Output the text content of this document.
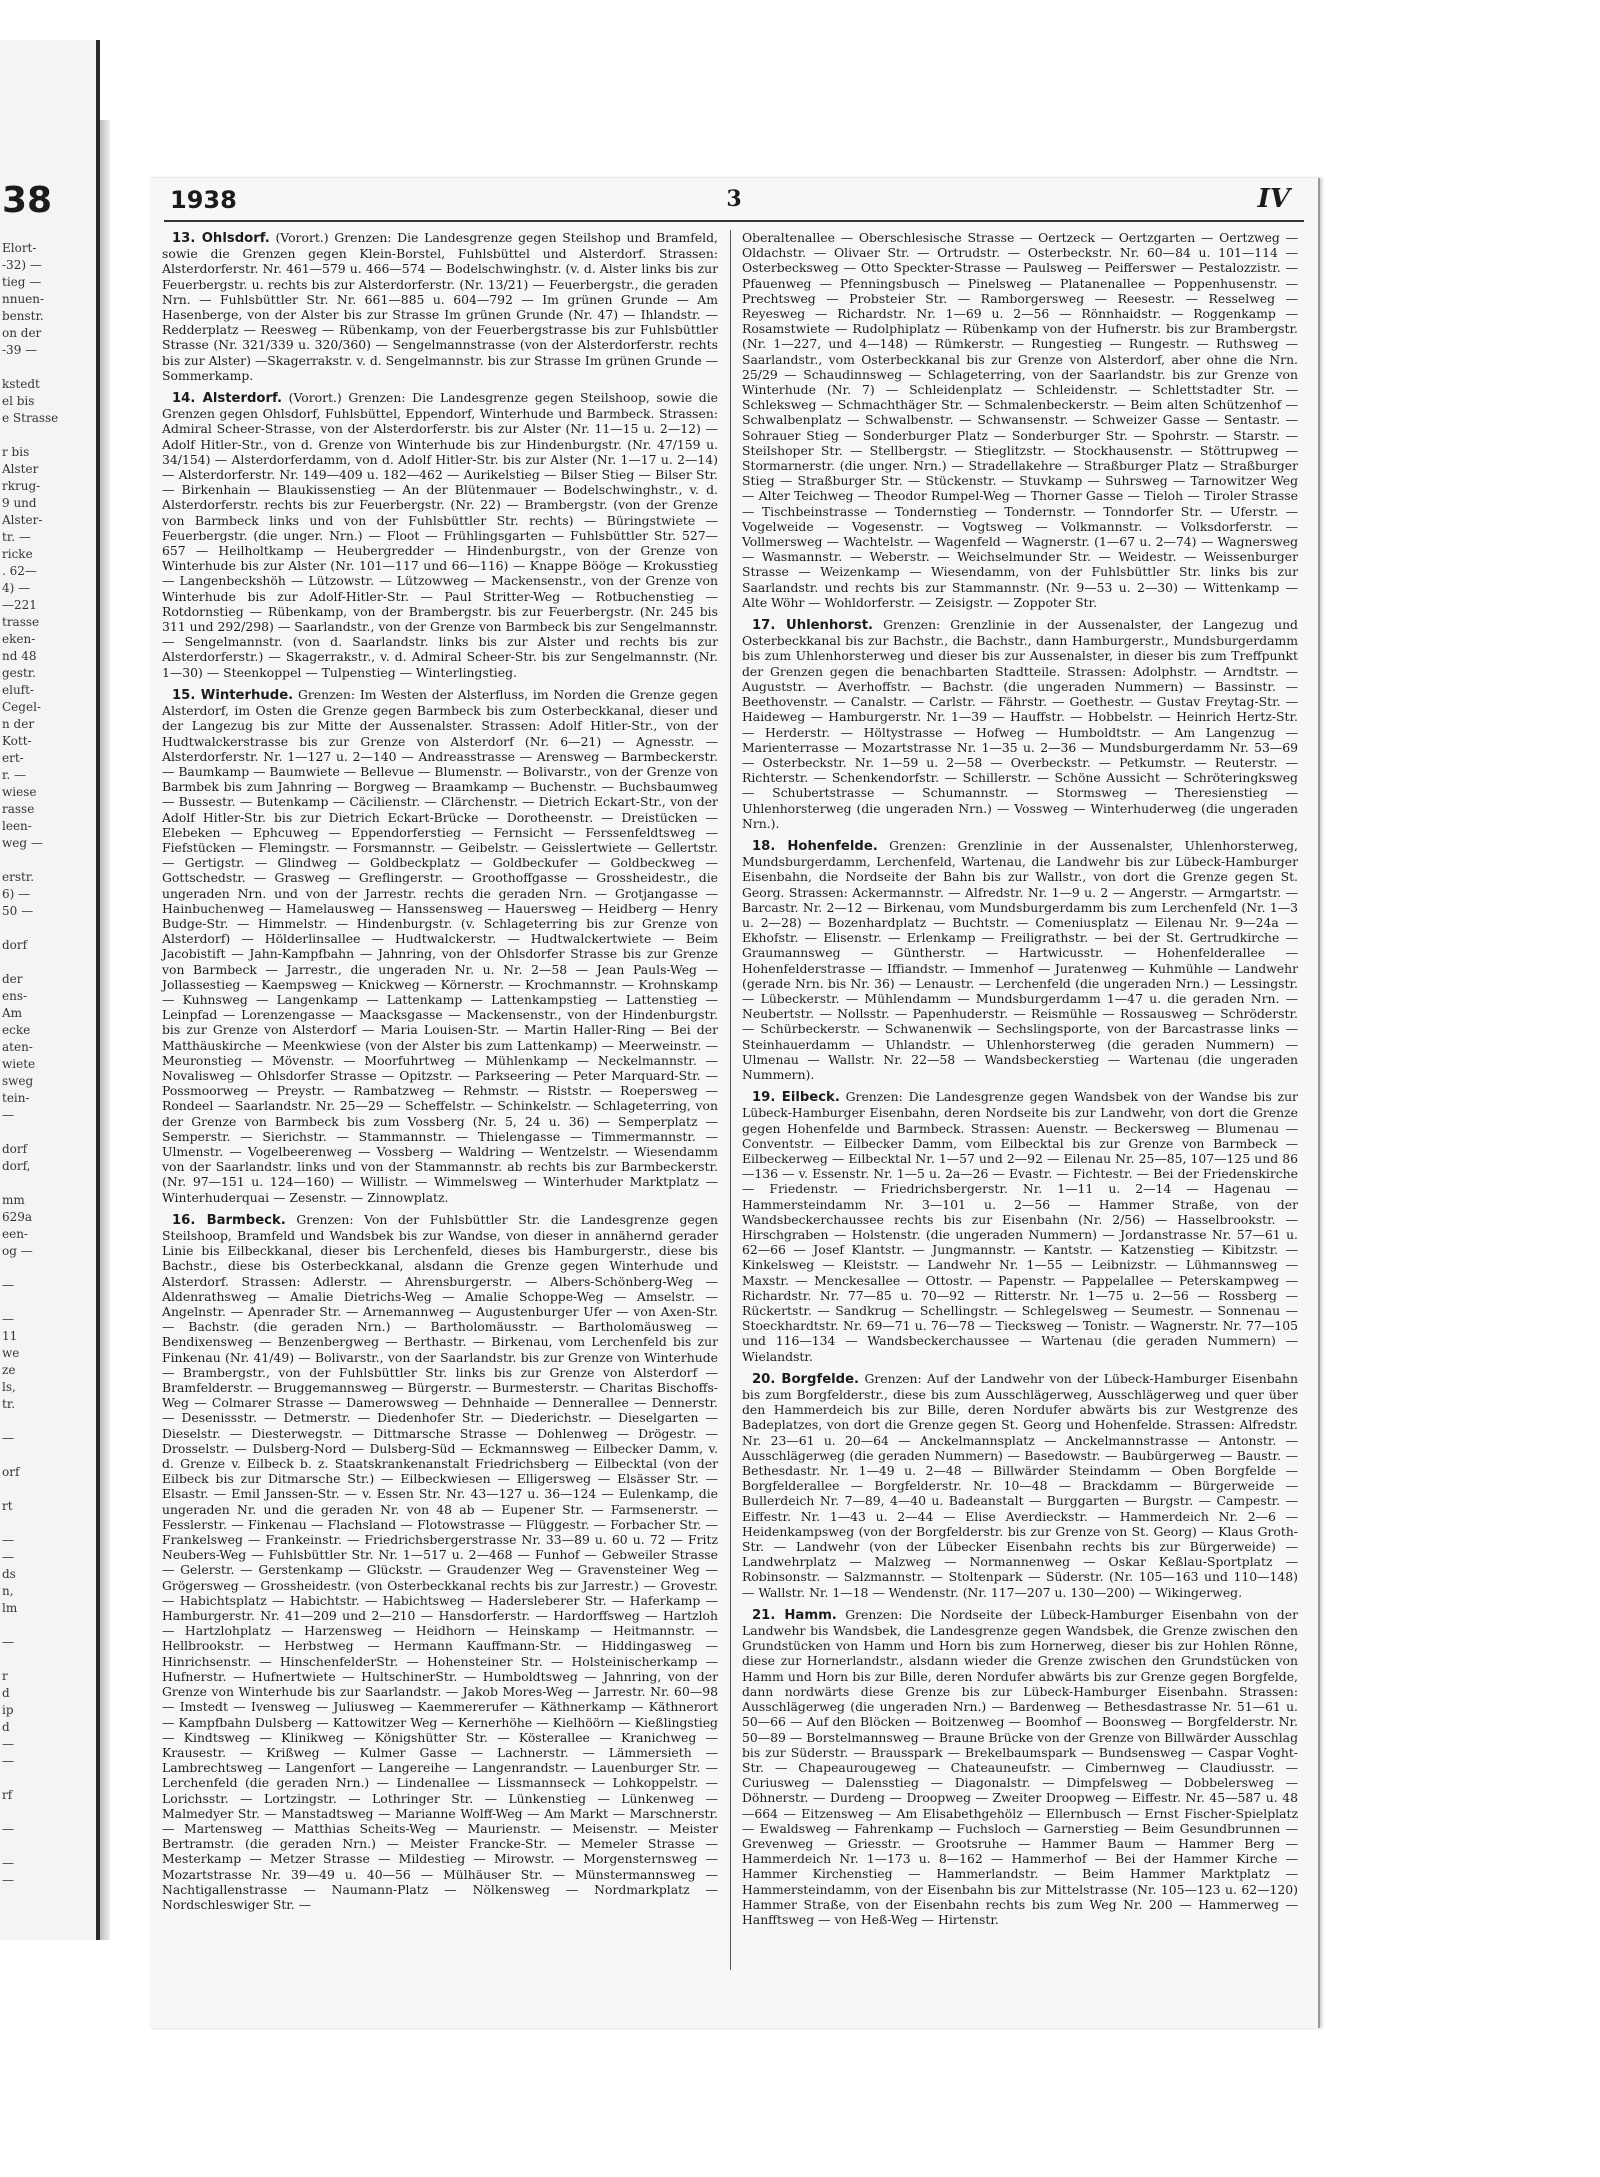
38
Elort-
-32) —
tieg —
nnuen-
benstr.
on der
-39 —

kstedt
el bis
e Strasse

r bis
Alster
rkrug-
9 und
Alster-
tr. —
ricke
. 62—
4) —
—221
trasse
eken-
nd 48
gestr.
eluft-
Cegel-
n der
Kott-
ert-
r. —
wiese
rasse
leen-
weg —

erstr.
6) —
50 —

dorf

der
ens-
Am
ecke
aten-
wiete
sweg
tein-
—

dorf
dorf,

mm
629a
een-
og —

—

—
11
we
ze
ls,
tr.

—

orf

rt

—
—
ds
n,
lm

—

r
d
ip
d
—
—

rf

—

—
—
1938	3	IV

13. Ohlsdorf. (Vorort.) Grenzen: Die Landesgrenze gegen Steilshop und Bramfeld, sowie die Grenzen gegen Klein-Borstel, Fuhlsbüttel und Alsterdorf. Strassen: Alsterdorferstr. Nr. 461—579 u. 466—574 — Bodelschwinghstr. (v. d. Alster links bis zur Feuerbergstr. u. rechts bis zur Alsterdorferstr. (Nr. 13/21) — Feuerbergstr., die geraden Nrn. — Fuhlsbüttler Str. Nr. 661—885 u. 604—792 — Im grünen Grunde — Am Hasenberge, von der Alster bis zur Strasse Im grünen Grunde (Nr. 47) — Ihlandstr. — Redderplatz — Reesweg — Rübenkamp, von der Feuerbergstrasse bis zur Fuhlsbüttler Strasse (Nr. 321/339 u. 320/360) — Sengelmannstrasse (von der Alsterdorferstr. rechts bis zur Alster) —Skagerrakstr. v. d. Sengelmannstr. bis zur Strasse Im grünen Grunde — Sommerkamp.

14. Alsterdorf. (Vorort.) Grenzen: Die Landesgrenze gegen Steilshoop, sowie die Grenzen gegen Ohlsdorf, Fuhlsbüttel, Eppendorf, Winterhude und Barmbeck. Strassen: Admiral Scheer-Strasse, von der Alsterdorferstr. bis zur Alster (Nr. 11—15 u. 2—12) — Adolf Hitler-Str., von d. Grenze von Winterhude bis zur Hindenburgstr. (Nr. 47/159 u. 34/154) — Alsterdorferdamm, von d. Adolf Hitler-Str. bis zur Alster (Nr. 1—17 u. 2—14) — Alsterdorferstr. Nr. 149—409 u. 182—462 — Aurikelstieg — Bilser Stieg — Bilser Str. — Birkenhain — Blaukissenstieg — An der Blütenmauer — Bodelschwinghstr., v. d. Alsterdorferstr. rechts bis zur Feuerbergstr. (Nr. 22) — Brambergstr. (von der Grenze von Barmbeck links und von der Fuhlsbüttler Str. rechts) — Büringstwiete — Feuerbergstr. (die unger. Nrn.) — Floot — Frühlingsgarten — Fuhlsbüttler Str. 527—657 — Heilholtkamp — Heubergredder — Hindenburgstr., von der Grenze von Winterhude bis zur Alster (Nr. 101—117 und 66—116) — Knappe Bööge — Krokusstieg — Langenbeckshöh — Lützowstr. — Lützowweg — Mackensenstr., von der Grenze von Winterhude bis zur Adolf-Hitler-Str. — Paul Stritter-Weg — Rotbuchenstieg — Rotdornstieg — Rübenkamp, von der Brambergstr. bis zur Feuerbergstr. (Nr. 245 bis 311 und 292/298) — Saarlandstr., von der Grenze von Barmbeck bis zur Sengelmannstr. — Sengelmannstr. (von d. Saarlandstr. links bis zur Alster und rechts bis zur Alsterdorferstr.) — Skagerrakstr., v. d. Admiral Scheer-Str. bis zur Sengelmannstr. (Nr. 1—30) — Steenkoppel — Tulpenstieg — Winterlingstieg.

15. Winterhude. Grenzen: Im Westen der Alsterfluss, im Norden die Grenze gegen Alsterdorf, im Osten die Grenze gegen Barmbeck bis zum Osterbeckkanal, dieser und der Langezug bis zur Mitte der Aussenalster. Strassen: Adolf Hitler-Str., von der Hudtwalckerstrasse bis zur Grenze von Alsterdorf (Nr. 6—21) — Agnesstr. — Alsterdorferstr. Nr. 1—127 u. 2—140 — Andreasstrasse — Arensweg — Barmbeckerstr. — Baumkamp — Baumwiete — Bellevue — Blumenstr. — Bolivarstr., von der Grenze von Barmbek bis zum Jahnring — Borgweg — Braamkamp — Buchenstr. — Buchsbaumweg — Bussestr. — Butenkamp — Cäcilienstr. — Clärchenstr. — Dietrich Eckart-Str., von der Adolf Hitler-Str. bis zur Dietrich Eckart-Brücke — Dorotheenstr. — Dreistücken — Elebeken — Ephcuweg — Eppendorferstieg — Fernsicht — Ferssenfeldtsweg — Fiefstücken — Flemingstr. — Forsmannstr. — Geibelstr. — Geisslertwiete — Gellertstr. — Gertigstr. — Glindweg — Goldbeckplatz — Goldbeckufer — Goldbeckweg — Gottschedstr. — Grasweg — Greflingerstr. — Groothoffgasse — Grossheidestr., die ungeraden Nrn. und von der Jarrestr. rechts die geraden Nrn. — Grotjangasse — Hainbuchenweg — Hamelausweg — Hanssensweg — Hauersweg — Heidberg — Henry Budge-Str. — Himmelstr. — Hindenburgstr. (v. Schlageterring bis zur Grenze von Alsterdorf) — Hölderlinsallee — Hudtwalckerstr. — Hudtwalckertwiete — Beim Jacobistift — Jahn-Kampfbahn — Jahnring, von der Ohlsdorfer Strasse bis zur Grenze von Barmbeck — Jarrestr., die ungeraden Nr. u. Nr. 2—58 — Jean Pauls-Weg — Jollassestieg — Kaempsweg — Knickweg — Körnerstr. — Krochmannstr. — Krohnskamp — Kuhnsweg — Langenkamp — Lattenkamp — Lattenkampstieg — Lattenstieg — Leinpfad — Lorenzengasse — Maacksgasse — Mackensenstr., von der Hindenburgstr. bis zur Grenze von Alsterdorf — Maria Louisen-Str. — Martin Haller-Ring — Bei der Matthäuskirche — Meenkwiese (von der Alster bis zum Lattenkamp) — Meerweinstr. — Meuronstieg — Mövenstr. — Moorfuhrtweg — Mühlenkamp — Neckelmannstr. — Novalisweg — Ohlsdorfer Strasse — Opitzstr. — Parkseering — Peter Marquard-Str. — Possmoorweg — Preystr. — Rambatzweg — Rehmstr. — Riststr. — Roepersweg — Rondeel — Saarlandstr. Nr. 25—29 — Scheffelstr. — Schinkelstr. — Schlageterring, von der Grenze von Barmbeck bis zum Vossberg (Nr. 5, 24 u. 36) — Semperplatz — Semperstr. — Sierichstr. — Stammannstr. — Thielengasse — Timmermannstr. — Ulmenstr. — Vogelbeerenweg — Vossberg — Waldring — Wentzelstr. — Wiesendamm von der Saarlandstr. links und von der Stammannstr. ab rechts bis zur Barmbeckerstr. (Nr. 97—151 u. 124—160) — Willistr. — Wimmelsweg — Winterhuder Marktplatz — Winterhuderquai — Zesenstr. — Zinnowplatz.

16. Barmbeck. Grenzen: Von der Fuhlsbüttler Str. die Landesgrenze gegen Steilshoop, Bramfeld und Wandsbek bis zur Wandse, von dieser in annähernd gerader Linie bis Eilbeckkanal, dieser bis Lerchenfeld, dieses bis Hamburgerstr., diese bis Bachstr., diese bis Osterbeckkanal, alsdann die Grenze gegen Winterhude und Alsterdorf. Strassen: Adlerstr. — Ahrensburgerstr. — Albers-Schönberg-Weg — Aldenrathsweg — Amalie Dietrichs-Weg — Amalie Schoppe-Weg — Amselstr. — Angelnstr. — Apenrader Str. — Arnemannweg — Augustenburger Ufer — von Axen-Str. — Bachstr. (die geraden Nrn.) — Bartholomäusstr. — Bartholomäusweg — Bendixensweg — Benzenbergweg — Berthastr. — Birkenau, vom Lerchenfeld bis zur Finkenau (Nr. 41/49) — Bolivarstr., von der Saarlandstr. bis zur Grenze von Winterhude — Brambergstr., von der Fuhlsbüttler Str. links bis zur Grenze von Alsterdorf — Bramfelderstr. — Bruggemannsweg — Bürgerstr. — Burmesterstr. — Charitas Bischoffs-Weg — Colmarer Strasse — Damerowsweg — Dehnhaide — Dennerallee — Dennerstr. — Desenissstr. — Detmerstr. — Diedenhofer Str. — Diederichstr. — Dieselgarten — Dieselstr. — Diesterwegstr. — Dittmarsche Strasse — Dohlenweg — Drögestr. — Drosselstr. — Dulsberg-Nord — Dulsberg-Süd — Eckmannsweg — Eilbecker Damm, v. d. Grenze v. Eilbeck b. z. Staatskrankenanstalt Friedrichsberg — Eilbecktal (von der Eilbeck bis zur Ditmarsche Str.) — Eilbeckwiesen — Elligersweg — Elsässer Str. — Elsastr. — Emil Janssen-Str. — v. Essen Str. Nr. 43—127 u. 36—124 — Eulenkamp, die ungeraden Nr. und die geraden Nr. von 48 ab — Eupener Str. — Farmsenerstr. — Fesslerstr. — Finkenau — Flachsland — Flotowstrasse — Flüggestr. — Forbacher Str. — Frankelsweg — Frankeinstr. — Friedrichsbergerstrasse Nr. 33—89 u. 60 u. 72 — Fritz Neubers-Weg — Fuhlsbüttler Str. Nr. 1—517 u. 2—468 — Funhof — Gebweiler Strasse — Gelerstr. — Gerstenkamp — Glückstr. — Graudenzer Weg — Gravensteiner Weg — Grögersweg — Grossheidestr. (von Osterbeckkanal rechts bis zur Jarrestr.) — Grovestr. — Habichtsplatz — Habichtstr. — Habichtsweg — Hadersleberer Str. — Haferkamp — Hamburgerstr. Nr. 41—209 und 2—210 — Hansdorferstr. — Hardorffsweg — Hartzloh — Hartzlohplatz — Harzensweg — Heidhorn — Heinskamp — Heitmannstr. — Hellbrookstr. — Herbstweg — Hermann Kauffmann-Str. — Hiddingasweg — Hinrichsenstr. — HinschenfelderStr. — Hohensteiner Str. — Holsteinischerkamp — Hufnerstr. — Hufnertwiete — HultschinerStr. — Humboldtsweg — Jahnring, von der Grenze von Winterhude bis zur Saarlandstr. — Jakob Mores-Weg — Jarrestr. Nr. 60—98 — Imstedt — Ivensweg — Juliusweg — Kaemmererufer — Käthnerkamp — Käthnerort — Kampfbahn Dulsberg — Kattowitzer Weg — Kernerhöhe — Kielhöörn — Kießlingstieg — Kindtsweg — Klinikweg — Königshütter Str. — Kösterallee — Kranichweg — Krausestr. — Krißweg — Kulmer Gasse — Lachnerstr. — Lämmersieth — Lambrechtsweg — Langenfort — Langereihe — Langenrandstr. — Lauenburger Str. — Lerchenfeld (die geraden Nrn.) — Lindenallee — Lissmannseck — Lohkoppelstr. — Lorichsstr. — Lortzingstr. — Lothringer Str. — Lünkenstieg — Lünkenweg — Malmedyer Str. — Manstadtsweg — Marianne Wolff-Weg — Am Markt — Marschnerstr. — Martensweg — Matthias Scheits-Weg — Maurienstr. — Meisenstr. — Meister Bertramstr. (die geraden Nrn.) — Meister Francke-Str. — Memeler Strasse — Mesterkamp — Metzer Strasse — Mildestieg — Mirowstr. — Morgensternsweg — Mozartstrasse Nr. 39—49 u. 40—56 — Mülhäuser Str. — Münstermannsweg — Nachtigallenstrasse — Naumann-Platz — Nölkensweg — Nordmarkplatz — Nordschleswiger Str. —

Oberaltenallee — Oberschlesische Strasse — Oertzeck — Oertzgarten — Oertzweg — Oldachstr. — Olivaer Str. — Ortrudstr. — Osterbeckstr. Nr. 60—84 u. 101—114 — Osterbecksweg — Otto Speckter-Strasse — Paulsweg — Peifferswег — Pestalozzistr. — Pfauenweg — Pfenningsbusch — Pinelsweg — Platanenallee — Poppenhusenstr. — Prechtsweg — Probsteier Str. — Ramborgersweg — Reesestr. — Resselweg — Reyesweg — Richardstr. Nr. 1—69 u. 2—56 — Rönnhaidstr. — Roggenkamp — Rosamstwiete — Rudolphiplatz — Rübenkamp von der Hufnerstr. bis zur Brambergstr. (Nr. 1—227, und 4—148) — Rümkerstr. — Rungestieg — Rungestr. — Ruthsweg — Saarlandstr., vom Osterbeckkanal bis zur Grenze von Alsterdorf, aber ohne die Nrn. 25/29 — Schaudinnsweg — Schlageterring, von der Saarlandstr. bis zur Grenze von Winterhude (Nr. 7) — Schleidenplatz — Schleidenstr. — Schlettstadter Str. — Schleksweg — Schmachthäger Str. — Schmalenbeckerstr. — Beim alten Schützenhof — Schwalbenplatz — Schwalbenstr. — Schwansenstr. — Schweizer Gasse — Sentastr. — Sohrauer Stieg — Sonderburger Platz — Sonderburger Str. — Spohrstr. — Starstr. — Steilshoper Str. — Stellbergstr. — Stieglitzstr. — Stockhausenstr. — Stöttrupweg — Stormarnerstr. (die unger. Nrn.) — Stradellakehre — Straßburger Platz — Straßburger Stieg — Straßburger Str. — Stückenstr. — Stuvkamp — Suhrsweg — Tarnowitzer Weg — Alter Teichweg — Theodor Rumpel-Weg — Thorner Gasse — Tieloh — Tiroler Strasse — Tischbeinstrasse — Tondernstieg — Tondernstr. — Tonndorfer Str. — Uferstr. — Vogelweide — Vogesenstr. — Vogtsweg — Volkmannstr. — Volksdorferstr. — Vollmersweg — Wachtelstr. — Wagenfeld — Wagnerstr. (1—67 u. 2—74) — Wagnersweg — Wasmannstr. — Weberstr. — Weichselmunder Str. — Weidestr. — Weissenburger Strasse — Weizenkamp — Wiesendamm, von der Fuhlsbüttler Str. links bis zur Saarlandstr. und rechts bis zur Stammannstr. (Nr. 9—53 u. 2—30) — Wittenkamp — Alte Wöhr — Wohldorferstr. — Zeisigstr. — Zoppoter Str.

17. Uhlenhorst. Grenzen: Grenzlinie in der Aussenalster, der Langezug und Osterbeckkanal bis zur Bachstr., die Bachstr., dann Hamburgerstr., Mundsburgerdamm bis zum Uhlenhorsterweg und dieser bis zur Aussenalster, in dieser bis zum Treffpunkt der Grenzen gegen die benachbarten Stadtteile. Strassen: Adolphstr. — Arndtstr. — Auguststr. — Averhoffstr. — Bachstr. (die ungeraden Nummern) — Bassinstr. — Beethovenstr. — Canalstr. — Carlstr. — Fährstr. — Goethestr. — Gustav Freytag-Str. — Haideweg — Hamburgerstr. Nr. 1—39 — Hauffstr. — Hobbelstr. — Heinrich Hertz-Str. — Herderstr. — Höltystrasse — Hofweg — Humboldtstr. — Am Langenzug — Marienterrasse — Mozartstrasse Nr. 1—35 u. 2—36 — Mundsburgerdamm Nr. 53—69 — Osterbeckstr. Nr. 1—59 u. 2—58 — Overbeckstr. — Petkumstr. — Reuterstr. — Richterstr. — Schenkendorfstr. — Schillerstr. — Schöne Aussicht — Schröteringksweg — Schubertstrasse — Schumannstr. — Stormsweg — Theresienstieg — Uhlenhorsterweg (die ungeraden Nrn.) — Vossweg — Winterhuderweg (die ungeraden Nrn.).

18. Hohenfelde. Grenzen: Grenzlinie in der Aussenalster, Uhlenhorsterweg, Mundsburgerdamm, Lerchenfeld, Wartenau, die Landwehr bis zur Lübeck-Hamburger Eisenbahn, die Nordseite der Bahn bis zur Wallstr., von dort die Grenze gegen St. Georg. Strassen: Ackermannstr. — Alfredstr. Nr. 1—9 u. 2 — Angerstr. — Armgartstr. — Barcastr. Nr. 2—12 — Birkenau, vom Mundsburgerdamm bis zum Lerchenfeld (Nr. 1—3 u. 2—28) — Bozenhardplatz — Buchtstr. — Comeniusplatz — Eilenau Nr. 9—24a — Ekhofstr. — Elisenstr. — Erlenkamp — Freiligrathstr. — bei der St. Gertrudkirche — Graumannsweg — Güntherstr. — Hartwicusstr. — Hohenfelderallee — Hohenfelderstrasse — Iffiandstr. — Immenhof — Juratenweg — Kuhmühle — Landwehr (gerade Nrn. bis Nr. 36) — Lenaustr. — Lerchenfeld (die ungeraden Nrn.) — Lessingstr. — Lübeckerstr. — Mühlendamm — Mundsburgerdamm 1—47 u. die geraden Nrn. — Neubertstr. — Nollsstr. — Papenhuderstr. — Reismühle — Rossausweg — Schröderstr. — Schürbeckerstr. — Schwanenwik — Sechslingsporte, von der Barcastrasse links — Steinhauerdamm — Uhlandstr. — Uhlenhorsterweg (die geraden Nummern) — Ulmenau — Wallstr. Nr. 22—58 — Wandsbeckerstieg — Wartenau (die ungeraden Nummern).

19. Eilbeck. Grenzen: Die Landesgrenze gegen Wandsbek von der Wandse bis zur Lübeck-Hamburger Eisenbahn, deren Nordseite bis zur Landwehr, von dort die Grenze gegen Hohenfelde und Barmbeck. Strassen: Auenstr. — Beckersweg — Blumenau — Conventstr. — Eilbecker Damm, vom Eilbecktal bis zur Grenze von Barmbeck — Eilbeckerweg — Eilbecktal Nr. 1—57 und 2—92 — Eilenau Nr. 25—85, 107—125 und 86—136 — v. Essenstr. Nr. 1—5 u. 2a—26 — Evastr. — Fichtestr. — Bei der Friedenskirche — Friedenstr. — Friedrichsbergerstr. Nr. 1—11 u. 2—14 — Hagenau — Hammersteindamm Nr. 3—101 u. 2—56 — Hammer Straße, von der Wandsbeckerchaussee rechts bis zur Eisenbahn (Nr. 2/56) — Hasselbrookstr. — Hirschgraben — Holstenstr. (die ungeraden Nummern) — Jordanstrasse Nr. 57—61 u. 62—66 — Josef Klantstr. — Jungmannstr. — Kantstr. — Katzenstieg — Kibitzstr. — Kinkelsweg — Kleiststr. — Landwehr Nr. 1—55 — Leibnizstr. — Lühmannsweg — Maxstr. — Menckesallee — Ottostr. — Papenstr. — Pappelallee — Peterskampweg — Richardstr. Nr. 77—85 u. 70—92 — Ritterstr. Nr. 1—75 u. 2—56 — Rossberg — Rückertstr. — Sandkrug — Schellingstr. — Schlegelsweg — Seumestr. — Sonnenau — Stoeckhardtstr. Nr. 69—71 u. 76—78 — Tiecksweg — Tonistr. — Wagnerstr. Nr. 77—105 und 116—134 — Wandsbeckerchaussee — Wartenau (die geraden Nummern) — Wielandstr.

20. Borgfelde. Grenzen: Auf der Landwehr von der Lübeck-Hamburger Eisenbahn bis zum Borgfelderstr., diese bis zum Ausschlägerweg, Ausschlägerweg und quer über den Hammerdeich bis zur Bille, deren Nordufer abwärts bis zur Westgrenze des Badeplatzes, von dort die Grenze gegen St. Georg und Hohenfelde. Strassen: Alfredstr. Nr. 23—61 u. 20—64 — Anckelmannsplatz — Anckelmannstrasse — Antonstr. — Ausschlägerweg (die geraden Nummern) — Basedowstr. — Baubürgerweg — Baustr. — Bethesdastr. Nr. 1—49 u. 2—48 — Billwärder Steindamm — Oben Borgfelde — Borgfelderallee — Borgfelderstr. Nr. 10—48 — Brackdamm — Bürgerweide — Bullerdeich Nr. 7—89, 4—40 u. Badeanstalt — Burggarten — Burgstr. — Campestr. — Eiffestr. Nr. 1—43 u. 2—44 — Elise Averdieckstr. — Hammerdeich Nr. 2—6 — Heidenkampsweg (von der Borgfelderstr. bis zur Grenze von St. Georg) — Klaus Groth-Str. — Landwehr (von der Lübecker Eisenbahn rechts bis zur Bürgerweide) — Landwehrplatz — Malzweg — Normannenweg — Oskar Keßlau-Sportplatz — Robinsonstr. — Salzmannstr. — Stoltenpark — Süderstr. (Nr. 105—163 und 110—148) — Wallstr. Nr. 1—18 — Wendenstr. (Nr. 117—207 u. 130—200) — Wikingerweg.

21. Hamm. Grenzen: Die Nordseite der Lübeck-Hamburger Eisenbahn von der Landwehr bis Wandsbek, die Landesgrenze gegen Wandsbek, die Grenze zwischen den Grundstücken von Hamm und Horn bis zum Hornerweg, dieser bis zur Hohlen Rönne, diese zur Hornerlandstr., alsdann wieder die Grenze zwischen den Grundstücken von Hamm und Horn bis zur Bille, deren Nordufer abwärts bis zur Grenze gegen Borgfelde, dann nordwärts diese Grenze bis zur Lübeck-Hamburger Eisenbahn. Strassen: Ausschlägerweg (die ungeraden Nrn.) — Bardenweg — Bethesdastrasse Nr. 51—61 u. 50—66 — Auf den Blöcken — Boitzenweg — Boomhof — Boonsweg — Borgfelderstr. Nr. 50—89 — Borstelmannsweg — Braune Brücke von der Grenze von Billwärder Ausschlag bis zur Süderstr. — Brausspark — Brekelbaumspark — Bundsensweg — Caspar Voght-Str. — Chapeaurougeweg — Chateauneufstr. — Cimbernweg — Claudiusstr. — Curiusweg — Dalensstieg — Diagonalstr. — Dimpfelsweg — Dobbelersweg — Döhnerstr. — Durdeng — Droopweg — Zweiter Droopweg — Eiffestr. Nr. 45—587 u. 48—664 — Eitzensweg — Am Elisabethgehölz — Ellernbusch — Ernst Fischer-Spielplatz — Ewaldsweg — Fahrenkamp — Fuchsloch — Garnerstieg — Beim Gesundbrunnen — Grevenweg — Griesstr. — Grootsruhe — Hammer Baum — Hammer Berg — Hammerdeich Nr. 1—173 u. 8—162 — Hammerhof — Bei der Hammer Kirche — Hammer Kirchenstieg — Hammerlandstr. — Beim Hammer Marktplatz — Hammersteindamm, von der Eisenbahn bis zur Mittelstrasse (Nr. 105—123 u. 62—120) Hammer Straße, von der Eisenbahn rechts bis zum Weg Nr. 200 — Hammerweg — Hanfftsweg — von Heß-Weg — Hirtenstr.
